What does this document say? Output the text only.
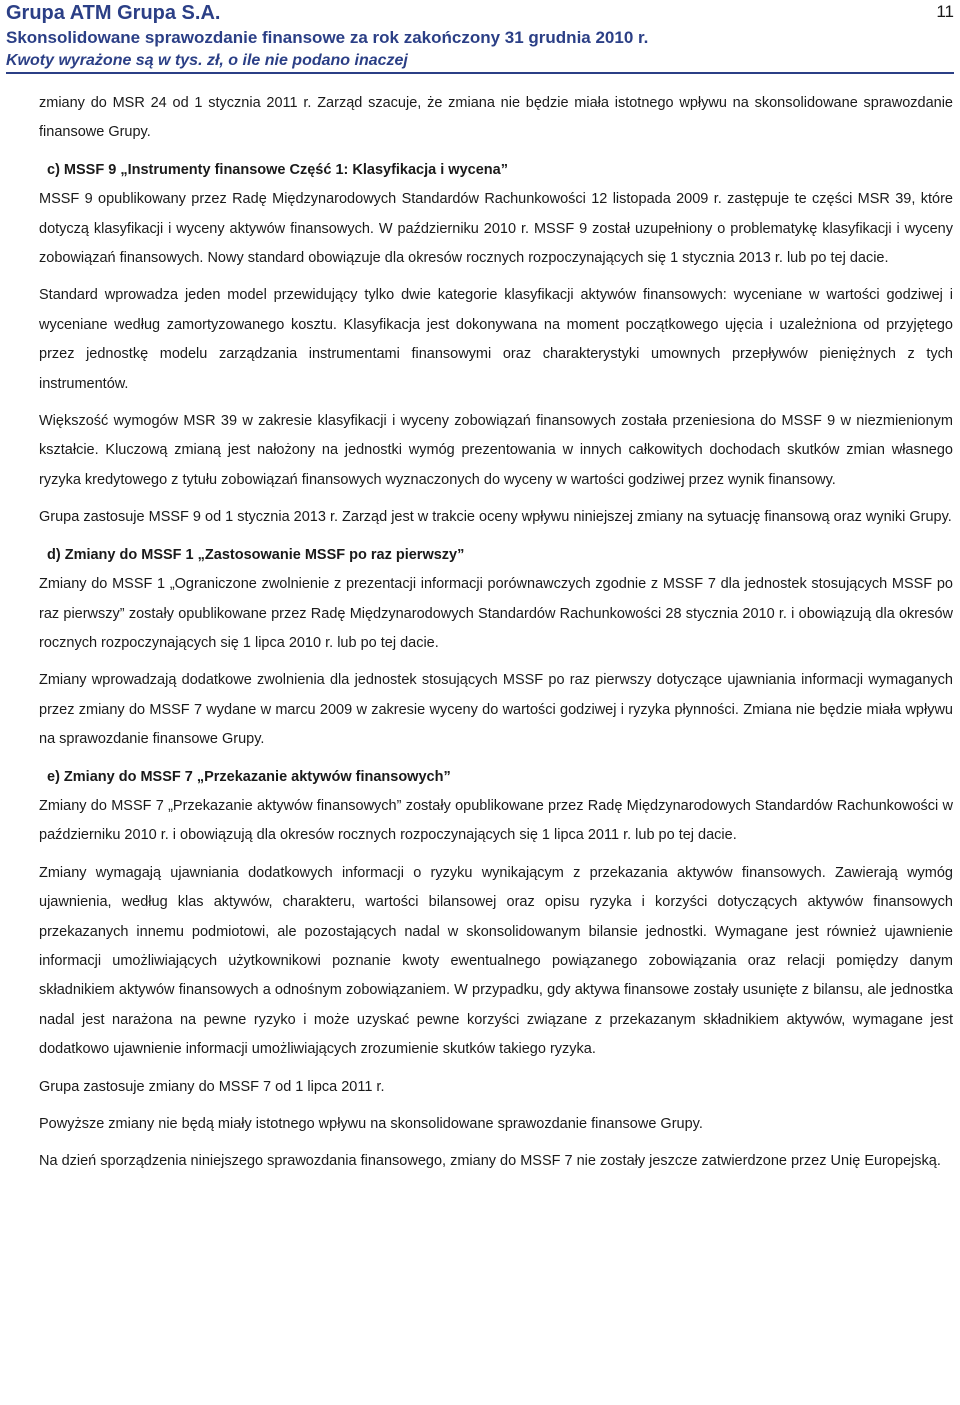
Grupa ATM Grupa S.A.	11
Skonsolidowane sprawozdanie finansowe za rok zakończony 31 grudnia 2010 r.
Kwoty wyrażone są w tys. zł, o ile nie podano inaczej

zmiany do MSR 24 od 1 stycznia 2011 r. Zarząd szacuje, że zmiana nie będzie miała istotnego wpływu na skonsolidowane sprawozdanie finansowe Grupy.

c) MSSF 9 „Instrumenty finansowe Część 1: Klasyfikacja i wycena”

MSSF 9 opublikowany przez Radę Międzynarodowych Standardów Rachunkowości 12 listopada 2009 r. zastępuje te części MSR 39, które dotyczą klasyfikacji i wyceny aktywów finansowych. W październiku 2010 r. MSSF 9 został uzupełniony o problematykę klasyfikacji i wyceny zobowiązań finansowych. Nowy standard obowiązuje dla okresów rocznych rozpoczynających się 1 stycznia 2013 r. lub po tej dacie.

Standard wprowadza jeden model przewidujący tylko dwie kategorie klasyfikacji aktywów finansowych: wyceniane w wartości godziwej i wyceniane według zamortyzowanego kosztu. Klasyfikacja jest dokonywana na moment początkowego ujęcia i uzależniona od przyjętego przez jednostkę modelu zarządzania instrumentami finansowymi oraz charakterystyki umownych przepływów pieniężnych z tych instrumentów.

Większość wymogów MSR 39 w zakresie klasyfikacji i wyceny zobowiązań finansowych została przeniesiona do MSSF 9 w niezmienionym kształcie. Kluczową zmianą jest nałożony na jednostki wymóg prezentowania w innych całkowitych dochodach skutków zmian własnego ryzyka kredytowego z tytułu zobowiązań finansowych wyznaczonych do wyceny w wartości godziwej przez wynik finansowy.

Grupa zastosuje MSSF 9 od 1 stycznia 2013 r. Zarząd jest w trakcie oceny wpływu niniejszej zmiany na sytuację finansową oraz wyniki Grupy.

d) Zmiany do MSSF 1 „Zastosowanie MSSF po raz pierwszy”

Zmiany do MSSF 1 „Ograniczone zwolnienie z prezentacji informacji porównawczych zgodnie z MSSF 7 dla jednostek stosujących MSSF po raz pierwszy” zostały opublikowane przez Radę Międzynarodowych Standardów Rachunkowości 28 stycznia 2010 r. i obowiązują dla okresów rocznych rozpoczynających się 1 lipca 2010 r. lub po tej dacie.

Zmiany wprowadzają dodatkowe zwolnienia dla jednostek stosujących MSSF po raz pierwszy dotyczące ujawniania informacji wymaganych przez zmiany do MSSF 7 wydane w marcu 2009 w zakresie wyceny do wartości godziwej i ryzyka płynności. Zmiana nie będzie miała wpływu na sprawozdanie finansowe Grupy.

e) Zmiany do MSSF 7 „Przekazanie aktywów finansowych”

Zmiany do MSSF 7 „Przekazanie aktywów finansowych” zostały opublikowane przez Radę Międzynarodowych Standardów Rachunkowości w październiku 2010 r. i obowiązują dla okresów rocznych rozpoczynających się 1 lipca 2011 r. lub po tej dacie.

Zmiany wymagają ujawniania dodatkowych informacji o ryzyku wynikającym z przekazania aktywów finansowych. Zawierają wymóg ujawnienia, według klas aktywów, charakteru, wartości bilansowej oraz opisu ryzyka i korzyści dotyczących aktywów finansowych przekazanych innemu podmiotowi, ale pozostających nadal w skonsolidowanym bilansie jednostki. Wymagane jest również ujawnienie informacji umożliwiających użytkownikowi poznanie kwoty ewentualnego powiązanego zobowiązania oraz relacji pomiędzy danym składnikiem aktywów finansowych a odnośnym zobowiązaniem. W przypadku, gdy aktywa finansowe zostały usunięte z bilansu, ale jednostka nadal jest narażona na pewne ryzyko i może uzyskać pewne korzyści związane z przekazanym składnikiem aktywów, wymagane jest dodatkowo ujawnienie informacji umożliwiających zrozumienie skutków takiego ryzyka.

Grupa zastosuje zmiany do MSSF 7 od 1 lipca 2011 r.

Powyższe zmiany nie będą miały istotnego wpływu na skonsolidowane sprawozdanie finansowe Grupy.

Na dzień sporządzenia niniejszego sprawozdania finansowego, zmiany do MSSF 7 nie zostały jeszcze zatwierdzone przez Unię Europejską.
